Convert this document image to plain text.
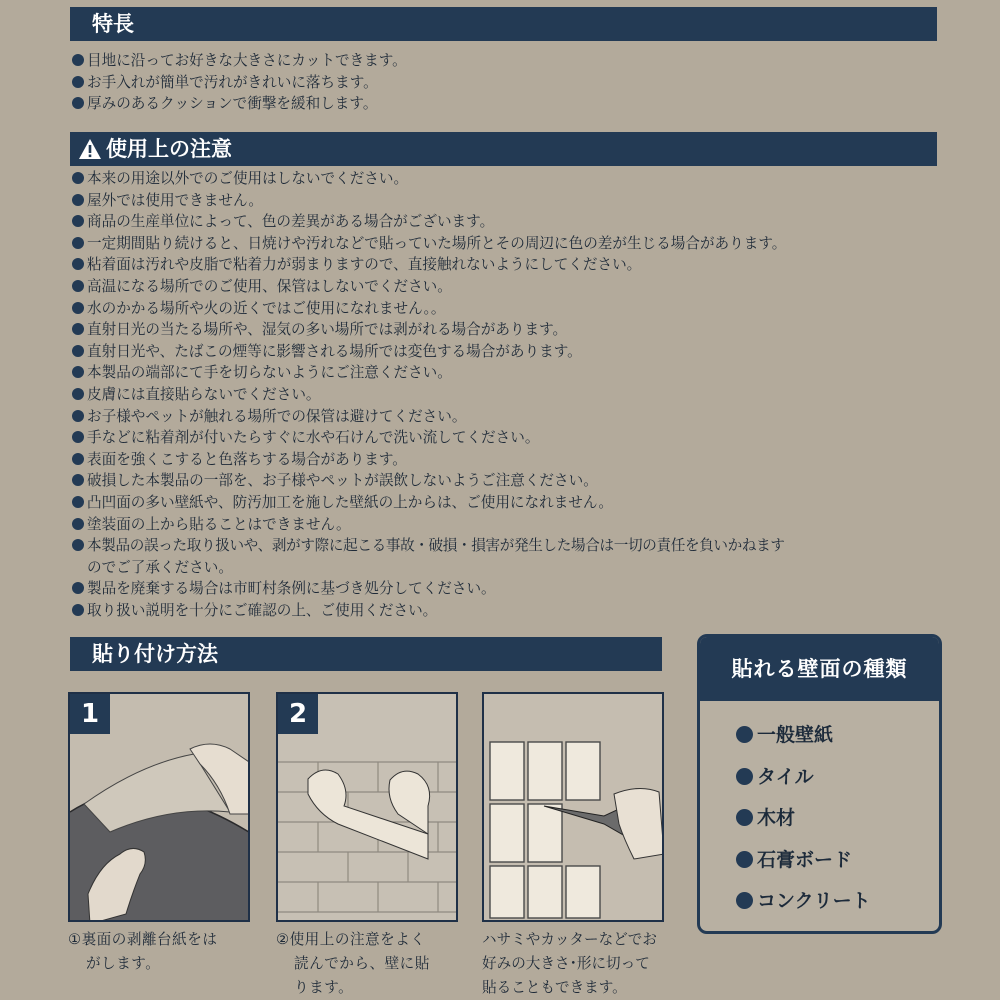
特長
目地に沿ってお好きな大きさにカットできます。
お手入れが簡単で汚れがきれいに落ちます。
厚みのあるクッションで衝撃を緩和します。
使用上の注意
本来の用途以外でのご使用はしないでください。
屋外では使用できません。
商品の生産単位によって、色の差異がある場合がございます。
一定期間貼り続けると、日焼けや汚れなどで貼っていた場所とその周辺に色の差が生じる場合があります。
粘着面は汚れや皮脂で粘着力が弱まりますので、直接触れないようにしてください。
高温になる場所でのご使用、保管はしないでください。
水のかかる場所や火の近くではご使用になれません。。
直射日光の当たる場所や、湿気の多い場所では剥がれる場合があります。
直射日光や、たばこの煙等に影響される場所では変色する場合があります。
本製品の端部にて手を切らないようにご注意ください。
皮膚には直接貼らないでください。
お子様やペットが触れる場所での保管は避けてください。
手などに粘着剤が付いたらすぐに水や石けんで洗い流してください。
表面を強くこすると色落ちする場合があります。
破損した本製品の一部を、お子様やペットが誤飲しないようご注意ください。
凸凹面の多い壁紙や、防汚加工を施した壁紙の上からは、ご使用になれません。
塗装面の上から貼ることはできません。
本製品の誤った取り扱いや、剥がす際に起こる事故・破損・損害が発生した場合は一切の責任を負いかねます
のでご了承ください。
製品を廃棄する場合は市町村条例に基づき処分してください。
取り扱い説明を十分にご確認の上、ご使用ください。
貼り付け方法
1
①裏面の剥離台紙をは
がします。
2
②使用上の注意をよく
読んでから、壁に貼
ります。
ハサミやカッターなどでお
好みの大きさ･形に切って
貼ることもできます。
貼れる壁面の種類
一般壁紙
タイル
木材
石膏ボード
コンクリート
